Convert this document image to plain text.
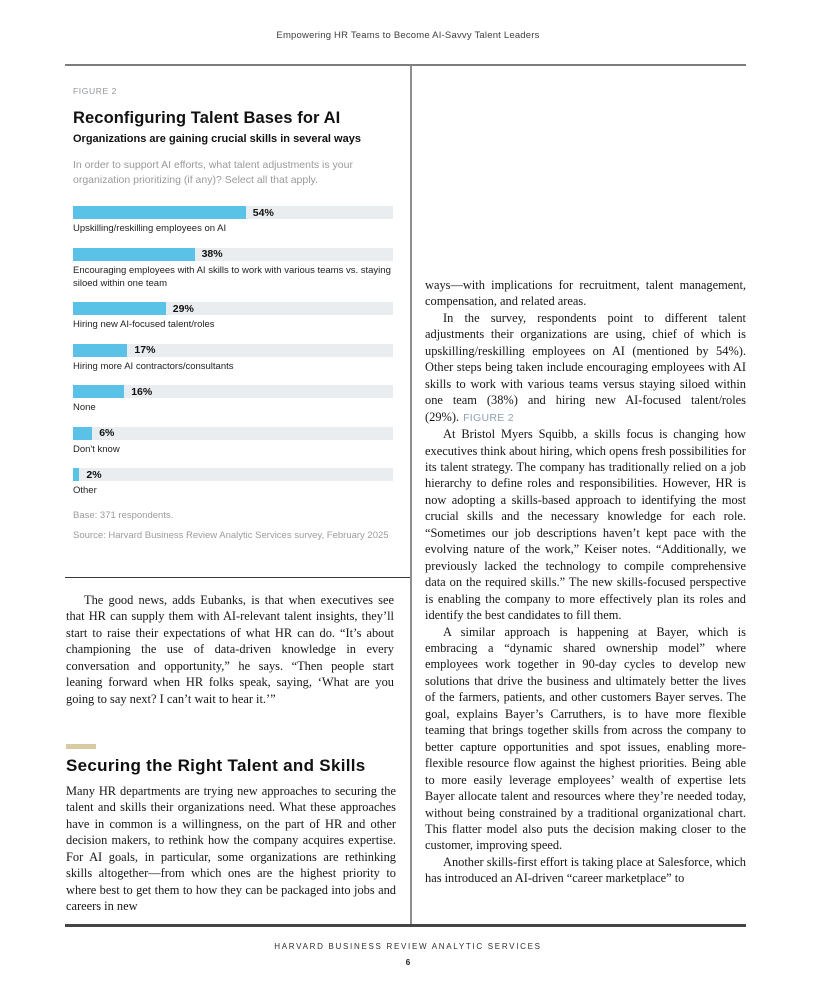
Empowering HR Teams to Become AI-Savvy Talent Leaders
FIGURE 2
Reconfiguring Talent Bases for AI
Organizations are gaining crucial skills in several ways
In order to support AI efforts, what talent adjustments is your organization prioritizing (if any)? Select all that apply.
54%
Upskilling/reskilling employees on AI
38%
Encouraging employees with AI skills to work with various teams vs. staying siloed within one team
29%
Hiring new AI-focused talent/roles
17%
Hiring more AI contractors/consultants
16%
None
6%
Don't know
2%
Other
Base: 371 respondents.
Source: Harvard Business Review Analytic Services survey, February 2025

The good news, adds Eubanks, is that when executives see that HR can supply them with AI-relevant talent insights, they’ll start to raise their expectations of what HR can do. “It’s about championing the use of data-driven knowledge in every conversation and opportunity,” he says. “Then people start leaning forward when HR folks speak, saying, ‘What are you going to say next? I can’t wait to hear it.’”

Securing the Right Talent and Skills

Many HR departments are trying new approaches to securing the talent and skills their organizations need. What these approaches have in common is a willingness, on the part of HR and other decision makers, to rethink how the company acquires expertise. For AI goals, in particular, some organizations are rethinking skills altogether—from which ones are the highest priority to where best to get them to how they can be packaged into jobs and careers in new

ways—with implications for recruitment, talent management, compensation, and related areas.

In the survey, respondents point to different talent adjustments their organizations are using, chief of which is upskilling/reskilling employees on AI (mentioned by 54%). Other steps being taken include encouraging employees with AI skills to work with various teams versus staying siloed within one team (38%) and hiring new AI-focused talent/roles (29%). FIGURE 2

At Bristol Myers Squibb, a skills focus is changing how executives think about hiring, which opens fresh possibilities for its talent strategy. The company has traditionally relied on a job hierarchy to define roles and responsibilities. However, HR is now adopting a skills-based approach to identifying the most crucial skills and the necessary knowledge for each role. “Sometimes our job descriptions haven’t kept pace with the evolving nature of the work,” Keiser notes. “Additionally, we previously lacked the technology to compile comprehensive data on the required skills.” The new skills-focused perspective is enabling the company to more effectively plan its roles and identify the best candidates to fill them.

A similar approach is happening at Bayer, which is embracing a “dynamic shared ownership model” where employees work together in 90-day cycles to develop new solutions that drive the business and ultimately better the lives of the farmers, patients, and other customers Bayer serves. The goal, explains Bayer’s Carruthers, is to have more flexible teaming that brings together skills from across the company to better capture opportunities and spot issues, enabling more-flexible resource flow against the highest priorities. Being able to more easily leverage employees’ wealth of expertise lets Bayer allocate talent and resources where they’re needed today, without being constrained by a traditional organizational chart. This flatter model also puts the decision making closer to the customer, improving speed.

Another skills-first effort is taking place at Salesforce, which has introduced an AI-driven “career marketplace” to

HARVARD BUSINESS REVIEW ANALYTIC SERVICES
6
